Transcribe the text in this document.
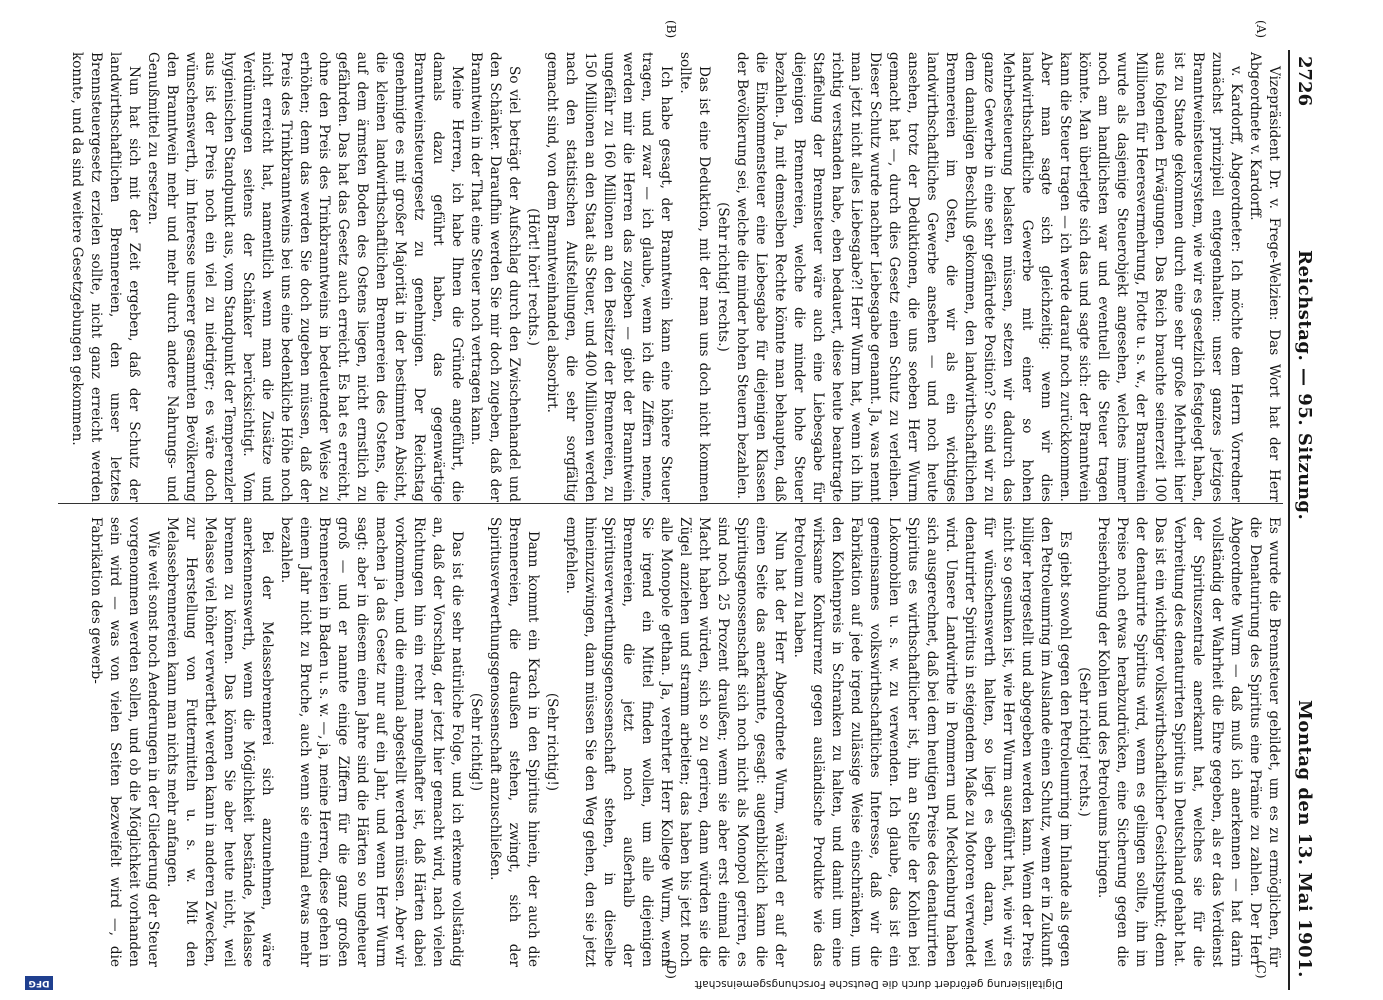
2726
Reichstag. — 95. Sitzung.
Montag den 13. Mai 1901.
(A)
(B)
(C)
(D)

Vizepräsident Dr. v. Frege-Welzien: Das Wort hat der Herr Abgeordnete v. Kardorff.

v. Kardorff, Abgeordneter: Ich möchte dem Herrn Vorredner zunächst prinzipiell entgegenhalten: unser ganzes jetziges Branntweinsteuersystem, wie wir es gesetzlich festgelegt haben, ist zu Stande gekommen durch eine sehr große Mehrheit hier aus folgenden Erwägungen. Das Reich brauchte seinerzeit 100 Millionen für Heeresvermehrung, Flotte u. s. w., der Branntwein wurde als dasjenige Steuerobjekt angesehen, welches immer noch am handlichsten war und eventuell die Steuer tragen könnte. Man überlegte sich das und sagte sich: der Branntwein kann die Steuer tragen — ich werde darauf noch zurückkommen. Aber man sagte sich gleichzeitig: wenn wir dies landwirthschaftliche Gewerbe mit einer so hohen Mehrbesteuerung belasten müssen, setzen wir dadurch das ganze Gewerbe in eine sehr gefährdete Position? So sind wir zu dem damaligen Beschluß gekommen, den landwirthschaftlichen Brennereien im Osten, die wir als ein wichtiges landwirthschaftliches Gewerbe ansehen — und noch heute ansehen, trotz der Deduktionen, die uns soeben Herr Wurm gemacht hat —, durch dies Gesetz einen Schutz zu verleihen. Dieser Schutz wurde nachher Liebesgabe genannt. Ja, was nennt man jetzt nicht alles Liebesgabe?! Herr Wurm hat, wenn ich ihn richtig verstanden habe, eben bedauert, diese heute beantragte Staffelung der Brennsteuer wäre auch eine Liebesgabe für diejenigen Brennereien, welche die minder hohe Steuer bezahlen. Ja, mit demselben Rechte könnte man behaupten, daß die Einkommensteuer eine Liebesgabe für diejenigen Klassen der Bevölkerung sei, welche die minder hohen Steuern bezahlen.

(Sehr richtig! rechts.)

Das ist eine Deduktion, mit der man uns doch nicht kommen sollte.

Ich habe gesagt, der Branntwein kann eine höhere Steuer tragen, und zwar — ich glaube, wenn ich die Ziffern nenne, werden mir die Herren das zugeben — giebt der Branntwein ungefähr zu 160 Millionen an den Besitzer der Brennereien, zu 150 Millionen an den Staat als Steuer, und 400 Millionen werden nach den statistischen Aufstellungen, die sehr sorgfältig gemacht sind, von dem Branntweinhandel absorbirt.

(Hört! hört! rechts.)

So viel beträgt der Aufschlag durch den Zwischenhandel und den Schänker. Daraufhin werden Sie mir doch zugeben, daß der Branntwein in der That eine Steuer noch vertragen kann.

Meine Herren, ich habe Ihnen die Gründe angeführt, die damals dazu geführt haben, das gegenwärtige Branntweinsteuergesetz zu genehmigen. Der Reichstag genehmigte es mit großer Majorität in der bestimmten Absicht, die kleinen landwirthschaftlichen Brennereien des Ostens, die auf dem ärmsten Boden des Ostens liegen, nicht ernstlich zu gefährden. Das hat das Gesetz auch erreicht. Es hat es erreicht, ohne den Preis des Trinkbranntweins in bedeutender Weise zu erhöhen; denn das werden Sie doch zugeben müssen, daß der Preis des Trinkbranntweins bei uns eine bedenkliche Höhe noch nicht erreicht hat, namentlich wenn man die Zusätze und Verdünnungen seitens der Schänker berücksichtigt. Vom hygienischen Standpunkt aus, vom Standpunkt der Temperenzler aus ist der Preis noch ein viel zu niedriger; es wäre doch wünschenswerth, im Interesse unserer gesammten Bevölkerung den Branntwein mehr und mehr durch andere Nahrungs- und Genußmittel zu ersetzen.

Nun hat sich mit der Zeit ergeben, daß der Schutz der landwirthschaftlichen Brennereien, den unser letztes Brennsteuergesetz erzielen sollte, nicht ganz erreicht werden konnte, und da sind weitere Gesetzgebungen gekommen.

Es wurde die Brennsteuer gebildet, um es zu ermöglichen, für die Denaturirung des Spiritus eine Prämie zu zahlen. Der Herr Abgeordnete Wurm — daß muß ich anerkennen — hat darin vollständig der Wahrheit die Ehre gegeben, als er das Verdienst der Spirituszentrale anerkannt hat, welches sie für die Verbreitung des denaturirten Spiritus in Deutschland gehabt hat. Das ist ein wichtiger volkswirthschaftlicher Gesichtspunkt; denn der denaturirte Spiritus wird, wenn es gelingen sollte, ihn im Preise noch etwas herabzudrücken, eine Sicherung gegen die Preiserhöhung der Kohlen und des Petroleums bringen.

(Sehr richtig! rechts.)

Es giebt sowohl gegen den Petroleumring im Inlande als gegen den Petroleumring im Auslande einen Schutz, wenn er in Zukunft billiger hergestellt und abgegeben werden kann. Wenn der Preis nicht so gesunken ist, wie Herr Wurm ausgeführt hat, wie wir es für wünschenswerth halten, so liegt es eben daran, weil denaturirter Spiritus in steigendem Maße zu Motoren verwendet wird. Unsere Landwirthe in Pommern und Mecklenburg haben sich ausgerechnet, daß bei dem heutigen Preise des denaturirten Spiritus es wirthschaftlicher ist, ihn an Stelle der Kohlen bei Lokomobilen u. s. w. zu verwenden. Ich glaube, das ist ein gemeinsames volkswirthschaftliches Interesse, daß wir die Fabrikation auf jede irgend zulässige Weise einschränken, um den Kohlenpreis in Schranken zu halten, und damit um eine wirksame Konkurrenz gegen ausländische Produkte wie das Petroleum zu haben.

Nun hat der Herr Abgeordnete Wurm, während er auf der einen Seite das anerkannte, gesagt: augenblicklich kann die Spiritusgenossenschaft sich noch nicht als Monopol geriren, es sind noch 25 Prozent draußen; wenn sie aber erst einmal die Macht haben würden, sich so zu geriren, dann würden sie die Zügel anziehen und stramm arbeiten; das haben bis jetzt noch alle Monopole gethan. Ja, verehrter Herr Kollege Wurm, wenn Sie irgend ein Mittel finden wollen, um alle diejenigen Brennereien, die jetzt noch außerhalb der Spiritusverwerthungsgenossenschaft stehen, in dieselbe hineinzuzwingen, dann müssen Sie den Weg gehen, den sie jetzt empfehlen.

(Sehr richtig!)

Dann kommt ein Krach in den Spiritus hinein, der auch die Brennereien, die draußen stehen, zwingt, sich der Spiritusverwerthungsgenossenschaft anzuschließen.

(Sehr richtig!)

Das ist die sehr natürliche Folge, und ich erkenne vollständig an, daß der Vorschlag, der jetzt hier gemacht wird, nach vielen Richtungen hin ein recht mangelhafter ist, daß Härten dabei vorkommen, und die einmal abgestellt werden müssen. Aber wir machen ja das Gesetz nur auf ein Jahr, und wenn Herr Wurm sagt: aber in diesem einen Jahre sind die Härten so ungeheuer groß — und er nannte einige Ziffern für die ganz großen Brennereien in Baden u. s. w. —, ja, meine Herren, diese gehen in einem Jahr nicht zu Bruche, auch wenn sie einmal etwas mehr bezahlen.

Bei der Melassebrennerei sich anzunehmen, wäre anerkennenswerth, wenn die Möglichkeit bestände, Melasse brennen zu können. Das können Sie aber heute nicht, weil Melasse viel höher verwerthet werden kann in anderen Zwecken, zur Herstellung von Futtermitteln u. s. w. Mit den Melassebrennereien kann man nichts mehr anfangen.

Wie weit sonst noch Aenderungen in der Gliederung der Steuer vorgenommen werden sollen, und ob die Möglichkeit vorhanden sein wird — was von vielen Seiten bezweifelt wird —, die Fabrikation des gewerb-

Digitalisierung gefördert durch die Deutsche Forschungsgemeinschaft
DFG
